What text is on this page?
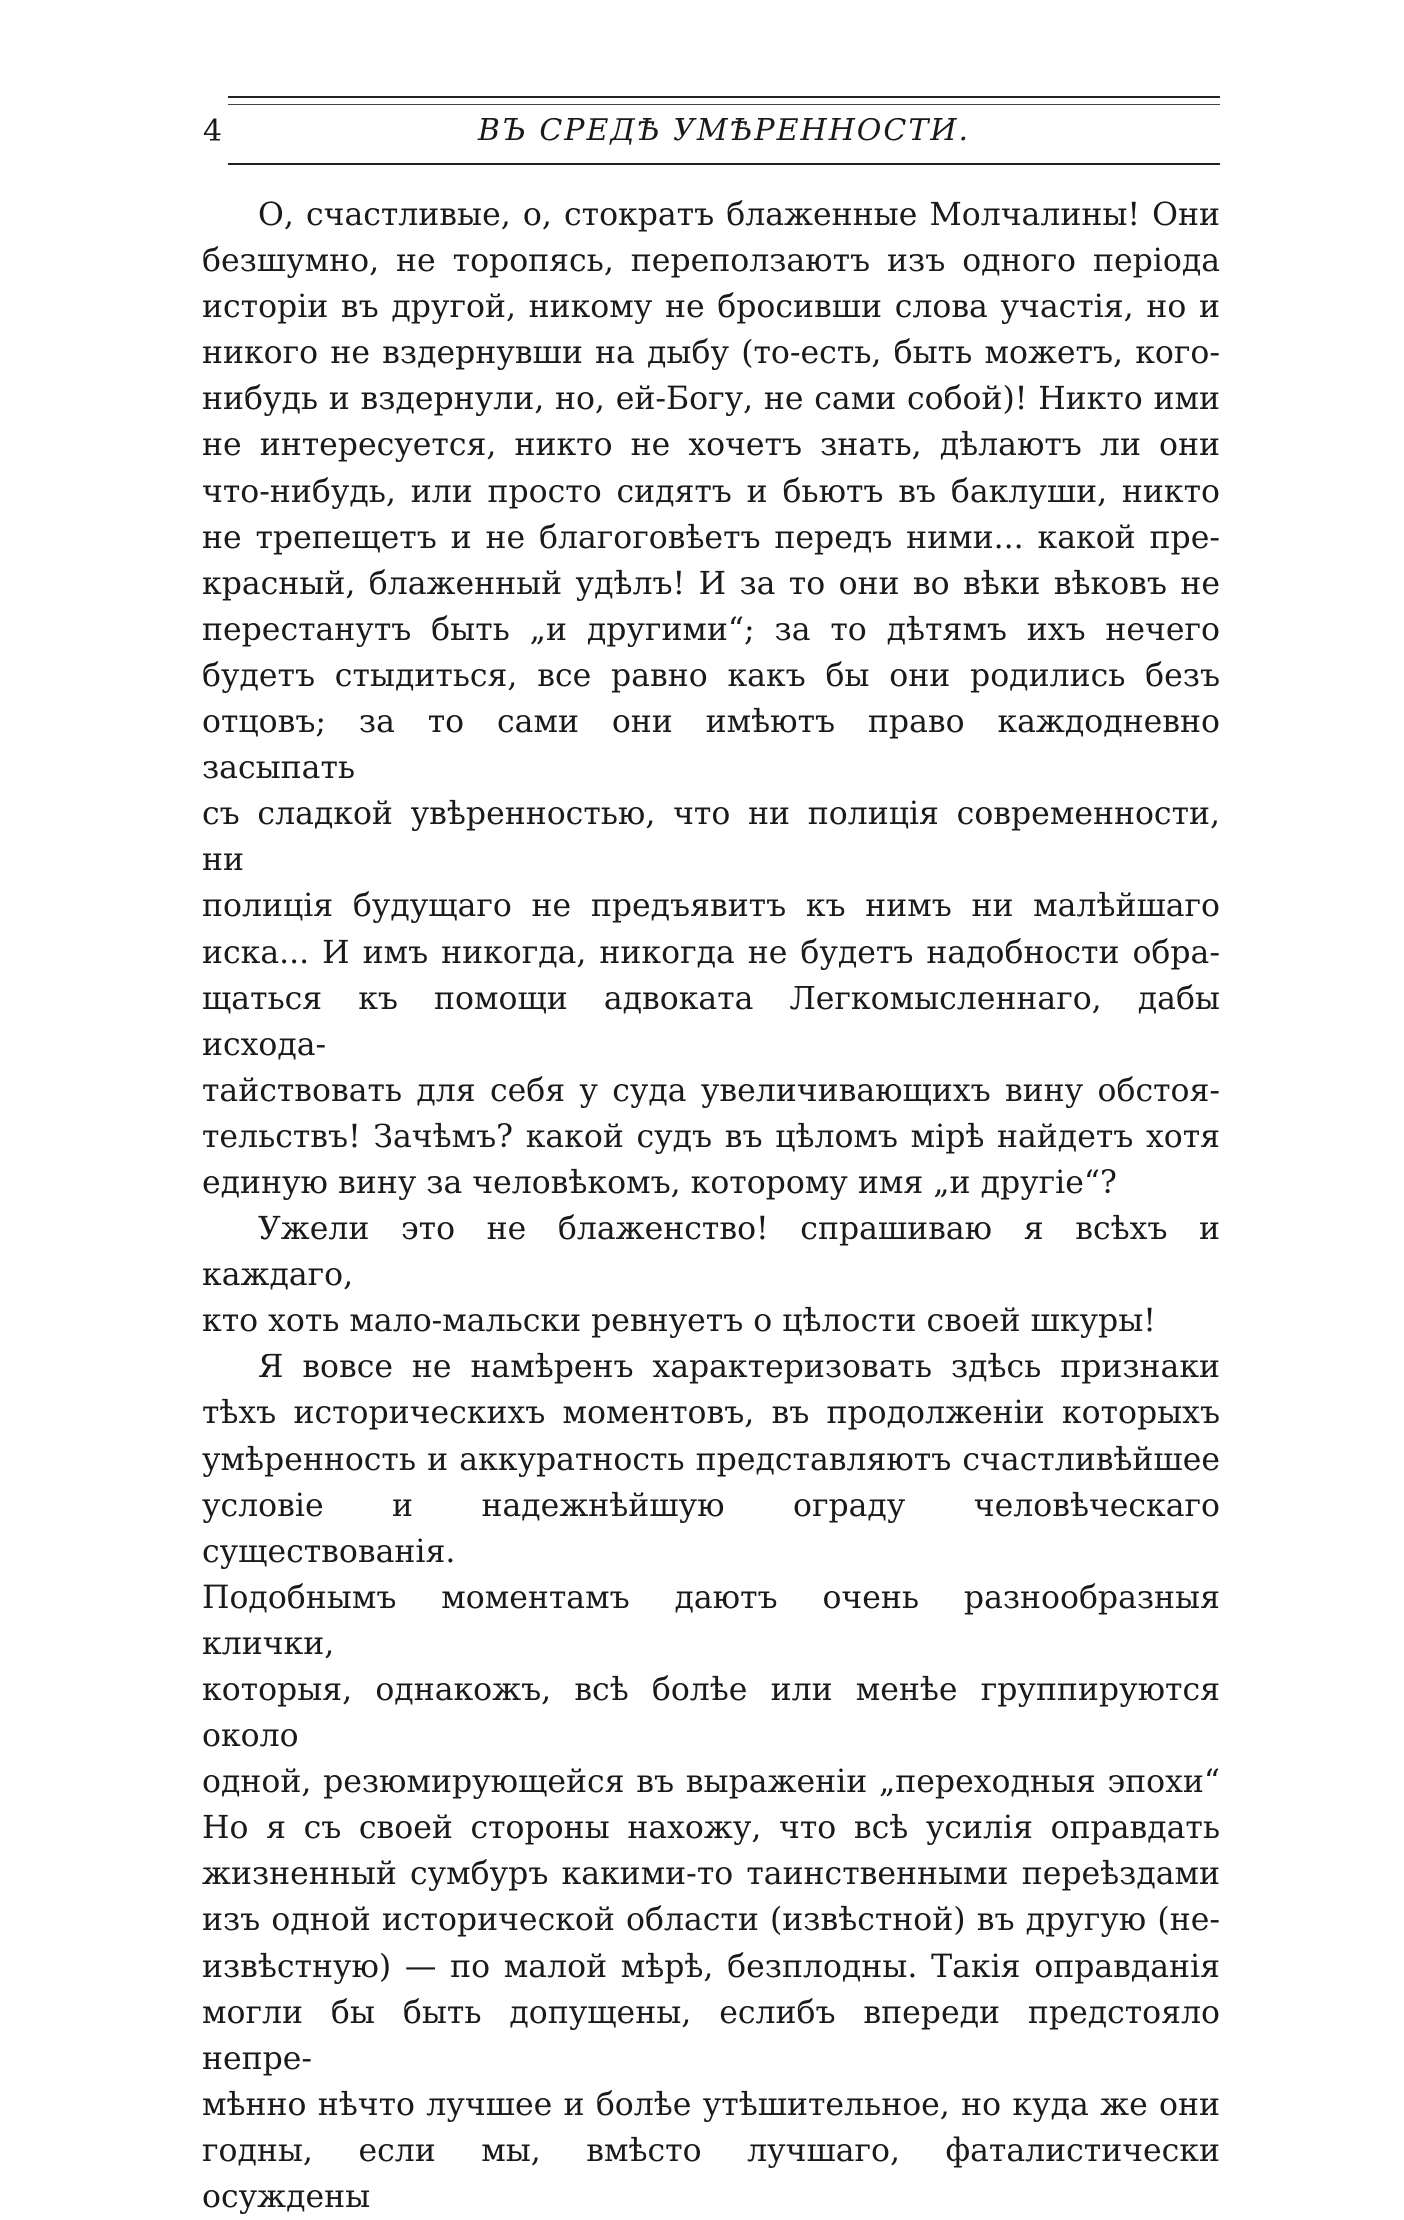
4	ВЪ СРЕДѢ УМѢРЕННОСТИ.

О, счастливые, о, стократъ блаженные Молчалины! Они

безшумно, не торопясь, переползаютъ изъ одного періода

исторіи въ другой, никому не бросивши слова участія, но и

никого не вздернувши на дыбу (то-есть, быть можетъ, кого-

нибудь и вздернули, но, ей-Богу, не сами собой)! Никто ими

не интересуется, никто не хочетъ знать, дѣлаютъ ли они

что-нибудь, или просто сидятъ и бьютъ въ баклуши, никто

не трепещетъ и не благоговѣетъ передъ ними... какой пре-

красный, блаженный удѣлъ! И за то они во вѣки вѣковъ не

перестанутъ быть „и другими“; за то дѣтямъ ихъ нечего

будетъ стыдиться, все равно какъ бы они родились безъ

отцовъ; за то сами они имѣютъ право каждодневно засыпать

съ сладкой увѣренностью, что ни полиція современности, ни

полиція будущаго не предъявитъ къ нимъ ни малѣйшаго

иска... И имъ никогда, никогда не будетъ надобности обра-

щаться къ помощи адвоката Легкомысленнаго, дабы исхода-

тайствовать для себя у суда увеличивающихъ вину обстоя-

тельствъ! Зачѣмъ? какой судъ въ цѣломъ мірѣ найдетъ хотя

единую вину за человѣкомъ, которому имя „и другіе“?

Ужели это не блаженство! спрашиваю я всѣхъ и каждаго,

кто хоть мало-мальски ревнуетъ о цѣлости своей шкуры!

Я вовсе не намѣренъ характеризовать здѣсь признаки

тѣхъ историческихъ моментовъ, въ продолженіи которыхъ

умѣренность и аккуратность представляютъ счастливѣйшее

условіе и надежнѣйшую ограду человѣческаго существованія.

Подобнымъ моментамъ даютъ очень разнообразныя клички,

которыя, однакожъ, всѣ болѣе или менѣе группируются около

одной, резюмирующейся въ выраженіи „переходныя эпохи“

Но я съ своей стороны нахожу, что всѣ усилія оправдать

жизненный сумбуръ какими-то таинственными переѣздами

изъ одной исторической области (извѣстной) въ другую (не-

извѣстную) — по малой мѣрѣ, безплодны. Такія оправданія

могли бы быть допущены, еслибъ впереди предстояло непре-

мѣнно нѣчто лучшее и болѣе утѣшительное, но куда же они

годны, если мы, вмѣсто лучшаго, фаталистически осуждены
